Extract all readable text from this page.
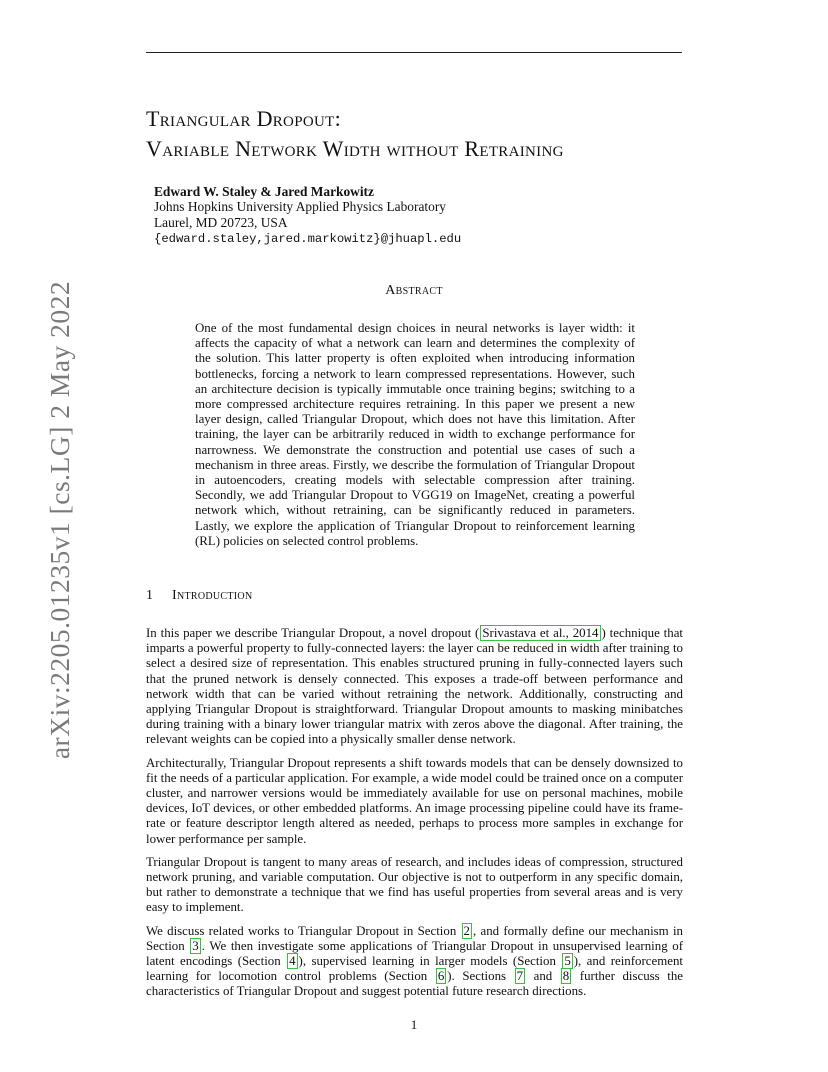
arXiv:2205.01235v1 [cs.LG] 2 May 2022
Triangular Dropout:
Variable Network Width without Retraining
Edward W. Staley & Jared Markowitz
Johns Hopkins University Applied Physics Laboratory
Laurel, MD 20723, USA
{edward.staley,jared.markowitz}@jhuapl.edu
Abstract
One of the most fundamental design choices in neural networks is layer width: it affects the capacity of what a network can learn and determines the complexity of the solution. This latter property is often exploited when introducing information bottlenecks, forcing a network to learn compressed representations. However, such an architecture decision is typically immutable once training begins; switching to a more compressed architecture requires retraining. In this paper we present a new layer design, called Triangular Dropout, which does not have this limitation. After training, the layer can be arbitrarily reduced in width to exchange performance for narrowness. We demonstrate the construction and potential use cases of such a mechanism in three areas. Firstly, we describe the formulation of Triangular Dropout in autoencoders, creating models with selectable compression after training. Secondly, we add Triangular Dropout to VGG19 on ImageNet, creating a powerful network which, without retraining, can be significantly reduced in parameters. Lastly, we explore the application of Triangular Dropout to reinforcement learning (RL) policies on selected control problems.
1 Introduction

In this paper we describe Triangular Dropout, a novel dropout ( Srivastava et al., 2014 ) technique that imparts a powerful property to fully-connected layers: the layer can be reduced in width after training to select a desired size of representation. This enables structured pruning in fully-connected layers such that the pruned network is densely connected. This exposes a trade-off between performance and network width that can be varied without retraining the network. Additionally, constructing and applying Triangular Dropout is straightforward. Triangular Dropout amounts to masking minibatches during training with a binary lower triangular matrix with zeros above the diagonal. After training, the relevant weights can be copied into a physically smaller dense network.

Architecturally, Triangular Dropout represents a shift towards models that can be densely downsized to fit the needs of a particular application. For example, a wide model could be trained once on a computer cluster, and narrower versions would be immediately available for use on personal machines, mobile devices, IoT devices, or other embedded platforms. An image processing pipeline could have its frame-rate or feature descriptor length altered as needed, perhaps to process more samples in exchange for lower performance per sample.

Triangular Dropout is tangent to many areas of research, and includes ideas of compression, structured network pruning, and variable computation. Our objective is not to outperform in any specific domain, but rather to demonstrate a technique that we find has useful properties from several areas and is very easy to implement.

We discuss related works to Triangular Dropout in Section 2 , and formally define our mechanism in Section 3 . We then investigate some applications of Triangular Dropout in unsupervised learning of latent encodings (Section 4 ), supervised learning in larger models (Section 5 ), and reinforcement learning for locomotion control problems (Section 6 ). Sections 7 and 8 further discuss the characteristics of Triangular Dropout and suggest potential future research directions.

1
